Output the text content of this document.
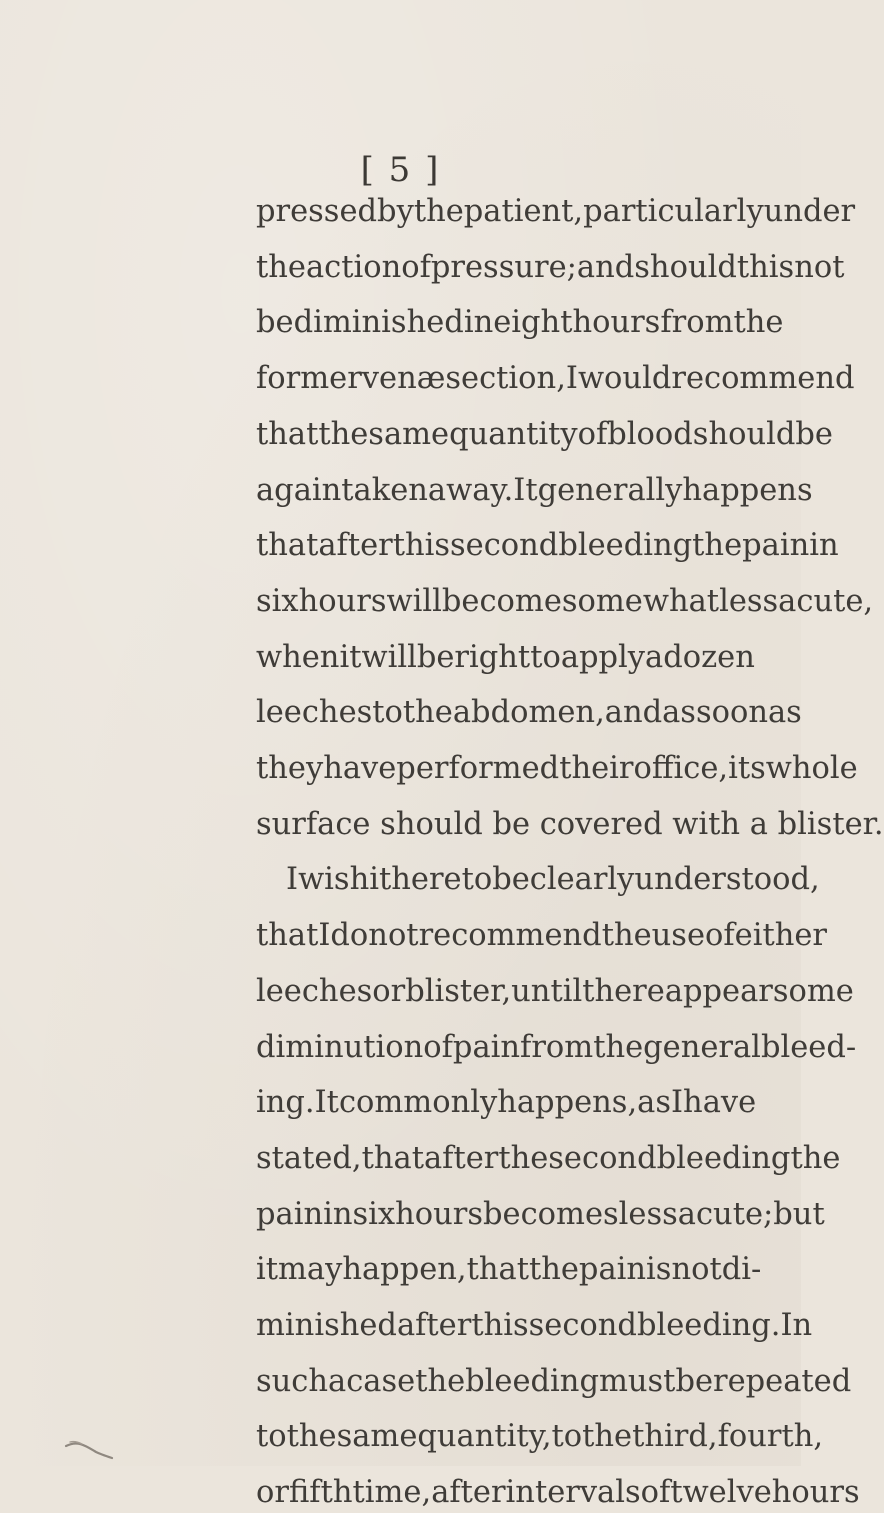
[ 5 ]
pressed by the patient, particularly under
the action of pressure ; and should this not
be diminished in eight hours from the
former venæsection, I would recommend
that the same quantity of blood should be
again taken away. It generally happens
that after this second bleeding the pain in
six hours will become somewhat less acute,
when it will be right to apply a dozen
leeches to the abdomen, and as soon as
they have performed their office, its whole
surface should be covered with a blister.
I wish it here to be clearly understood,
that I do not recommend the use of either
leeches or blister, until there appear some
diminution of pain from the general bleed-
ing. It commonly happens, as I have
stated, that after the second bleeding the
pain in six hours becomes less acute; but
it may happen, that the pain is not di-
minished after this second bleeding. In
such a case the bleeding must be repeated
to the same quantity, to the third, fourth,
or fifth time, after intervals of twelve hours
